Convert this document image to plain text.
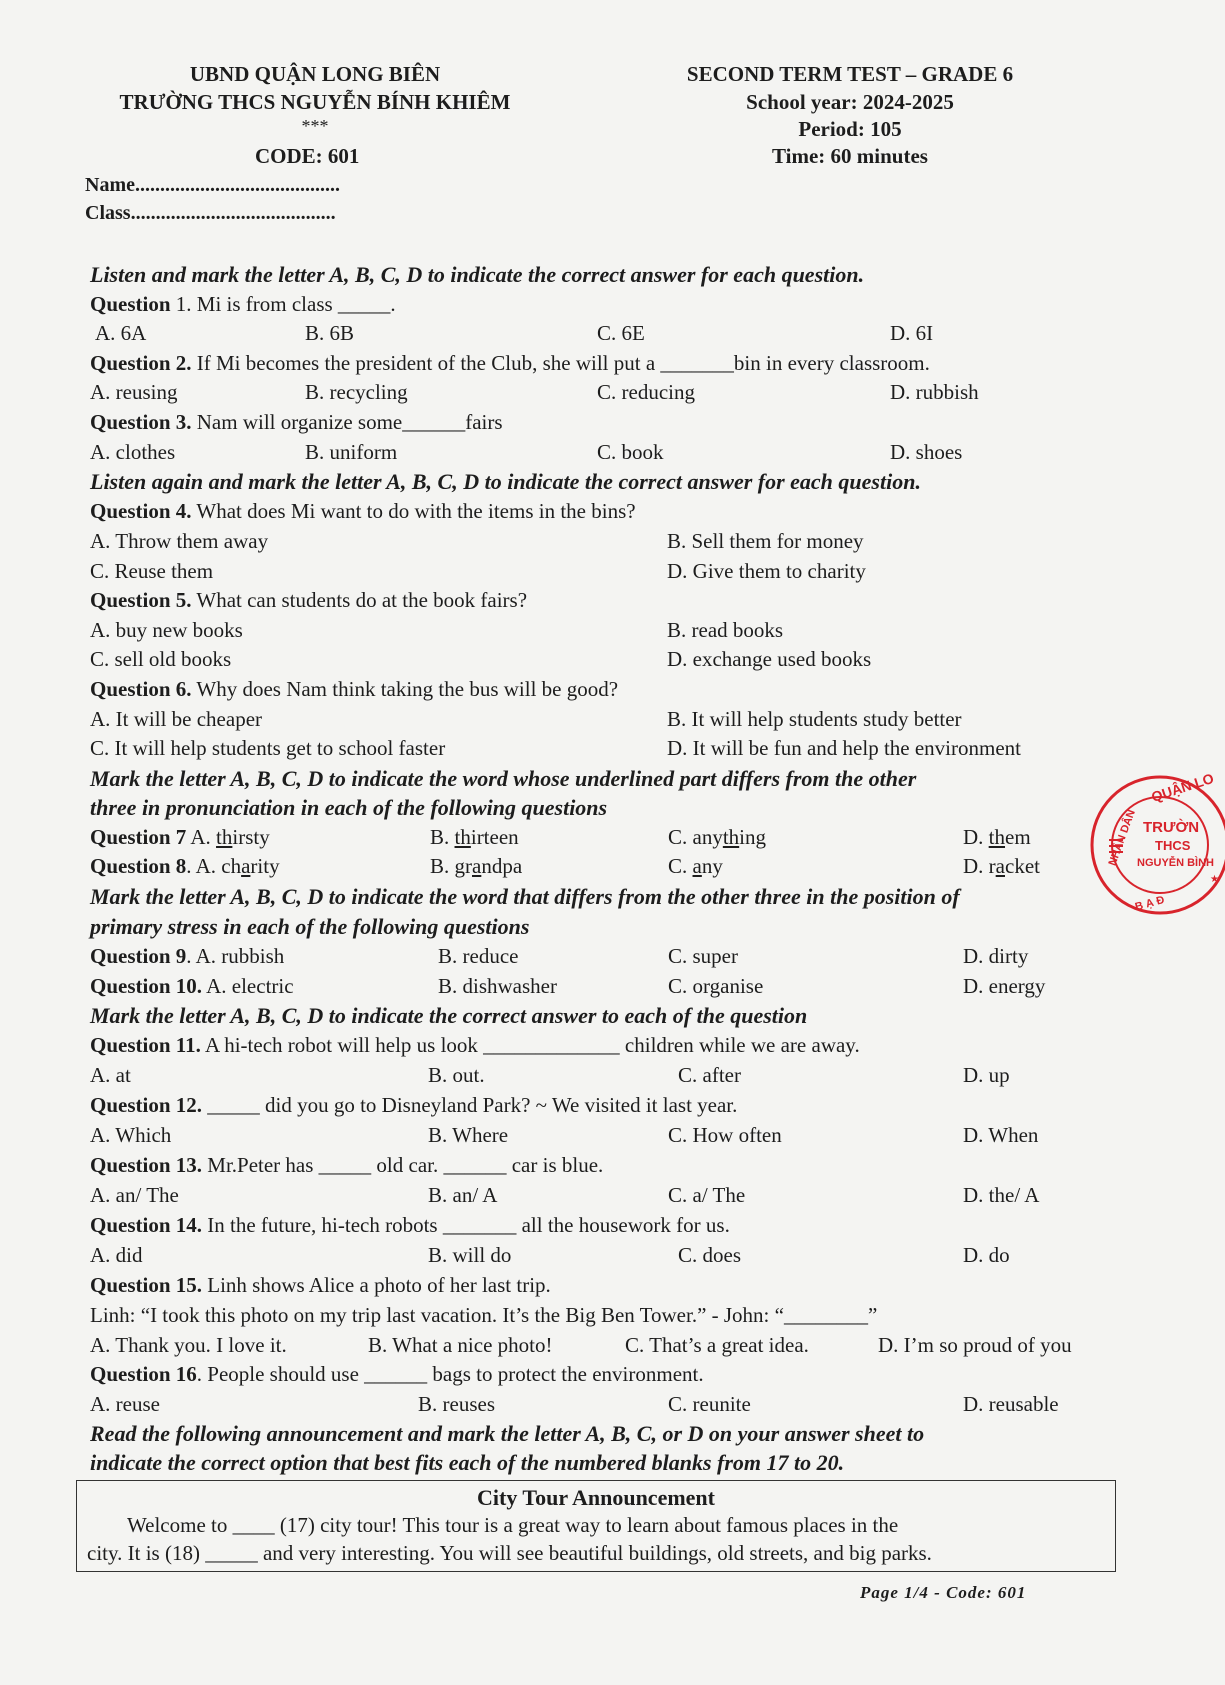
UBND QUẬN LONG BIÊN
TRƯỜNG THCS NGUYỄN BÍNH KHIÊM
***
CODE: 601
Name.........................................
Class.........................................
SECOND TERM TEST – GRADE 6
School year: 2024-2025
Period: 105
Time: 60 minutes
Listen and mark the letter A, B, C, D to indicate the correct answer for each question.
Question 1. Mi is from class _____.
A. 6A	B. 6B	C. 6E	D. 6I
Question 2. If Mi becomes the president of the Club, she will put a _______bin in every classroom.
A. reusing	B. recycling	C. reducing	D. rubbish
Question 3. Nam will organize some______fairs
A. clothes	B. uniform	C. book	D. shoes
Listen again and mark the letter A, B, C, D to indicate the correct answer for each question.
Question 4. What does Mi want to do with the items in the bins?
A. Throw them away	B. Sell them for money
C. Reuse them	D. Give them to charity
Question 5. What can students do at the book fairs?
A. buy new books	B. read books
C. sell old books	D. exchange used books
Question 6. Why does Nam think taking the bus will be good?
A. It will be cheaper	B. It will help students study better
C. It will help students get to school faster	D. It will be fun and help the environment
Mark the letter A, B, C, D to indicate the word whose underlined part differs from the other
three in pronunciation in each of the following questions
Question 7 A. thirsty	B. thirteen	C. anything	D. them
Question 8. A. charity	B. grandpa	C. any	D. racket
Mark the letter A, B, C, D to indicate the word that differs from the other three in the position of
primary stress in each of the following questions
Question 9. A. rubbish	B. reduce	C. super	D. dirty
Question 10. A. electric	B. dishwasher	C. organise	D. energy
Mark the letter A, B, C, D to indicate the correct answer to each of the question
Question 11. A hi-tech robot will help us look _____________ children while we are away.
A. at	B. out.	C. after	D. up
Question 12. _____ did you go to Disneyland Park? ~ We visited it last year.
A. Which	B. Where	C. How often	D. When
Question 13. Mr.Peter has _____ old car. ______ car is blue.
A. an/ The	B. an/ A	C. a/ The	D. the/ A
Question 14. In the future, hi-tech robots _______ all the housework for us.
A. did	B. will do	C. does	D. do
Question 15. Linh shows Alice a photo of her last trip.
Linh: “I took this photo on my trip last vacation. It’s the Big Ben Tower.” - John: “________”
A. Thank you. I love it.	B. What a nice photo!	C. That’s a great idea.	D. I’m so proud of you
Question 16. People should use ______ bags to protect the environment.
A. reuse	B. reuses	C. reunite	D. reusable
Read the following announcement and mark the letter A, B, C, or D on your answer sheet to
indicate the correct option that best fits each of the numbered blanks from 17 to 20.
City Tour Announcement
Welcome to ____ (17) city tour! This tour is a great way to learn about famous places in the
city. It is (18) _____ and very interesting. You will see beautiful buildings, old streets, and big parks.
Page 1/4 - Code: 601
QUẬN LO
NHÂN DÂN TRƯỜN
THCS
NGUYỄN BÌNH
B Ạ Đ
★
